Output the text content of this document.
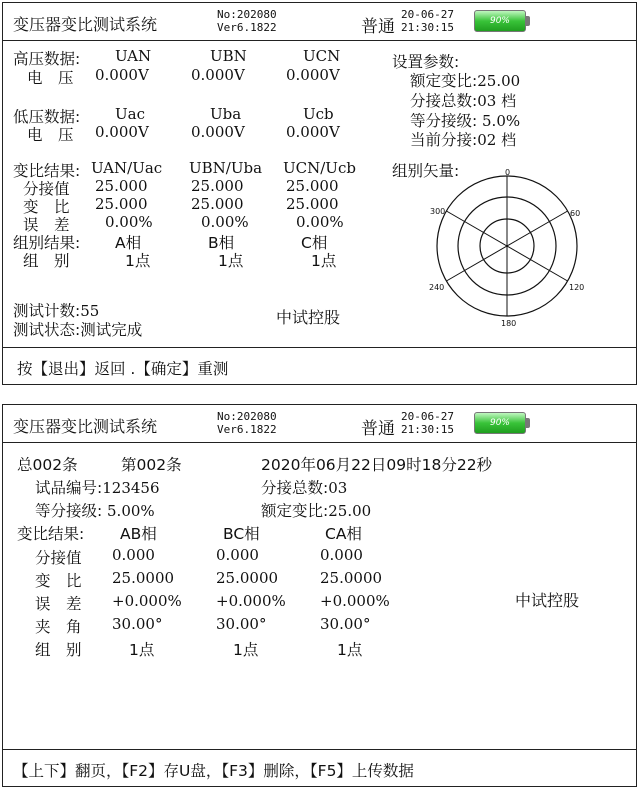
变压器变比测试系统
No:202080
Ver6.1822	普通
20-06-27
21:30:15	90%
高压数据: UAN	UBN	UCN
电　压 0.000V	0.000V	0.000V
低压数据: Uac	Uba	Ucb
电　压 0.000V	0.000V	0.000V
变比结果: UAN/Uac UBN/Uba UCN/Ucb
分接值 25.000	25.000	25.000
变　比 25.000	25.000	25.000
误　差 0.00%	0.00%	0.00%
组别结果: A相	B相	C相
组　别	1点	1点	1点
设置参数:
额定变比:25.00
分接总数:03 档
等分接级: 5.0%
当前分接:02 档
组别矢量:	0
60
120
180
240
300
测试计数:55
测试状态:测试完成
中试控股
按【退出】返回 .【确定】重测
变压器变比测试系统
No:202080
Ver6.1822	普通
20-06-27
21:30:15	90%
总002条	第002条	2020年06月22日09时18分22秒
试品编号:123456	分接总数:03
等分接级: 5.00%	额定变比:25.00
变比结果: AB相	BC相	CA相
分接值 0.000	0.000	0.000
变　比 25.0000	25.0000	25.0000
误　差 +0.000% +0.000% +0.000%
夹　角 30.00°	30.00°	30.00°
组　别	1点	1点	1点
中试控股
【上下】翻页，【F2】存U盘，【F3】删除，【F5】上传数据
